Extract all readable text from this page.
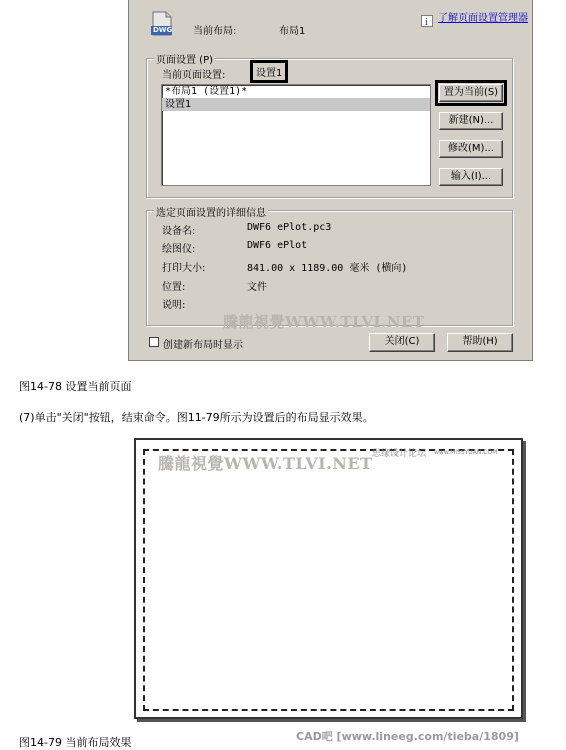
DWG 当前布局:	布局1
i 了解页面设置管理器
页面设置 (P)
当前页面设置:	设置1
*布局1 (设置1)*
设置1
置为当前(S)
新建(N)...
修改(M)...
输入(I)...
选定页面设置的详细信息
设备名:	DWF6 ePlot.pc3
绘图仪:	DWF6 ePlot
打印大小:	841.00 x 1189.00 毫米 (横向)
位置:	文件
说明:
騰龍視覺WWW.TLVI.NET
创建新布局时显示	关闭(C)	帮助(H)
图14-78 设置当前页面
(7)单击"关闭"按钮，结束命令。图11-79所示为设置后的布局显示效果。
騰龍視覺WWW.TLVI.NET 思缘设计论坛 www.MISSYUAN.COM
图14-79 当前布局效果	CAD吧 [www.lineeg.com/tieba/1809]
